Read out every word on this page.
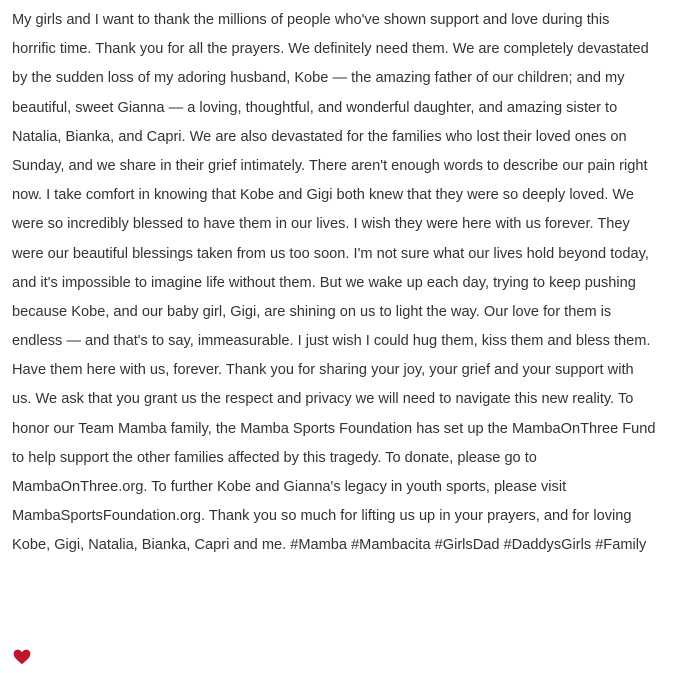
My girls and I want to thank the millions of people who've shown support and love during this
horrific time. Thank you for all the prayers. We definitely need them. We are completely devastated
by the sudden loss of my adoring husband, Kobe — the amazing father of our children; and my
beautiful, sweet Gianna — a loving, thoughtful, and wonderful daughter, and amazing sister to
Natalia, Bianka, and Capri. We are also devastated for the families who lost their loved ones on
Sunday, and we share in their grief intimately. There aren't enough words to describe our pain right
now. I take comfort in knowing that Kobe and Gigi both knew that they were so deeply loved. We
were so incredibly blessed to have them in our lives. I wish they were here with us forever. They
were our beautiful blessings taken from us too soon. I'm not sure what our lives hold beyond today,
and it's impossible to imagine life without them. But we wake up each day, trying to keep pushing
because Kobe, and our baby girl, Gigi, are shining on us to light the way. Our love for them is
endless — and that's to say, immeasurable. I just wish I could hug them, kiss them and bless them.
Have them here with us, forever. Thank you for sharing your joy, your grief and your support with
us. We ask that you grant us the respect and privacy we will need to navigate this new reality. To
honor our Team Mamba family, the Mamba Sports Foundation has set up the MambaOnThree Fund
to help support the other families affected by this tragedy. To donate, please go to
MambaOnThree.org. To further Kobe and Gianna's legacy in youth sports, please visit
MambaSportsFoundation.org. Thank you so much for lifting us up in your prayers, and for loving
Kobe, Gigi, Natalia, Bianka, Capri and me. #Mamba #Mambacita #GirlsDad #DaddysGirls #Family
